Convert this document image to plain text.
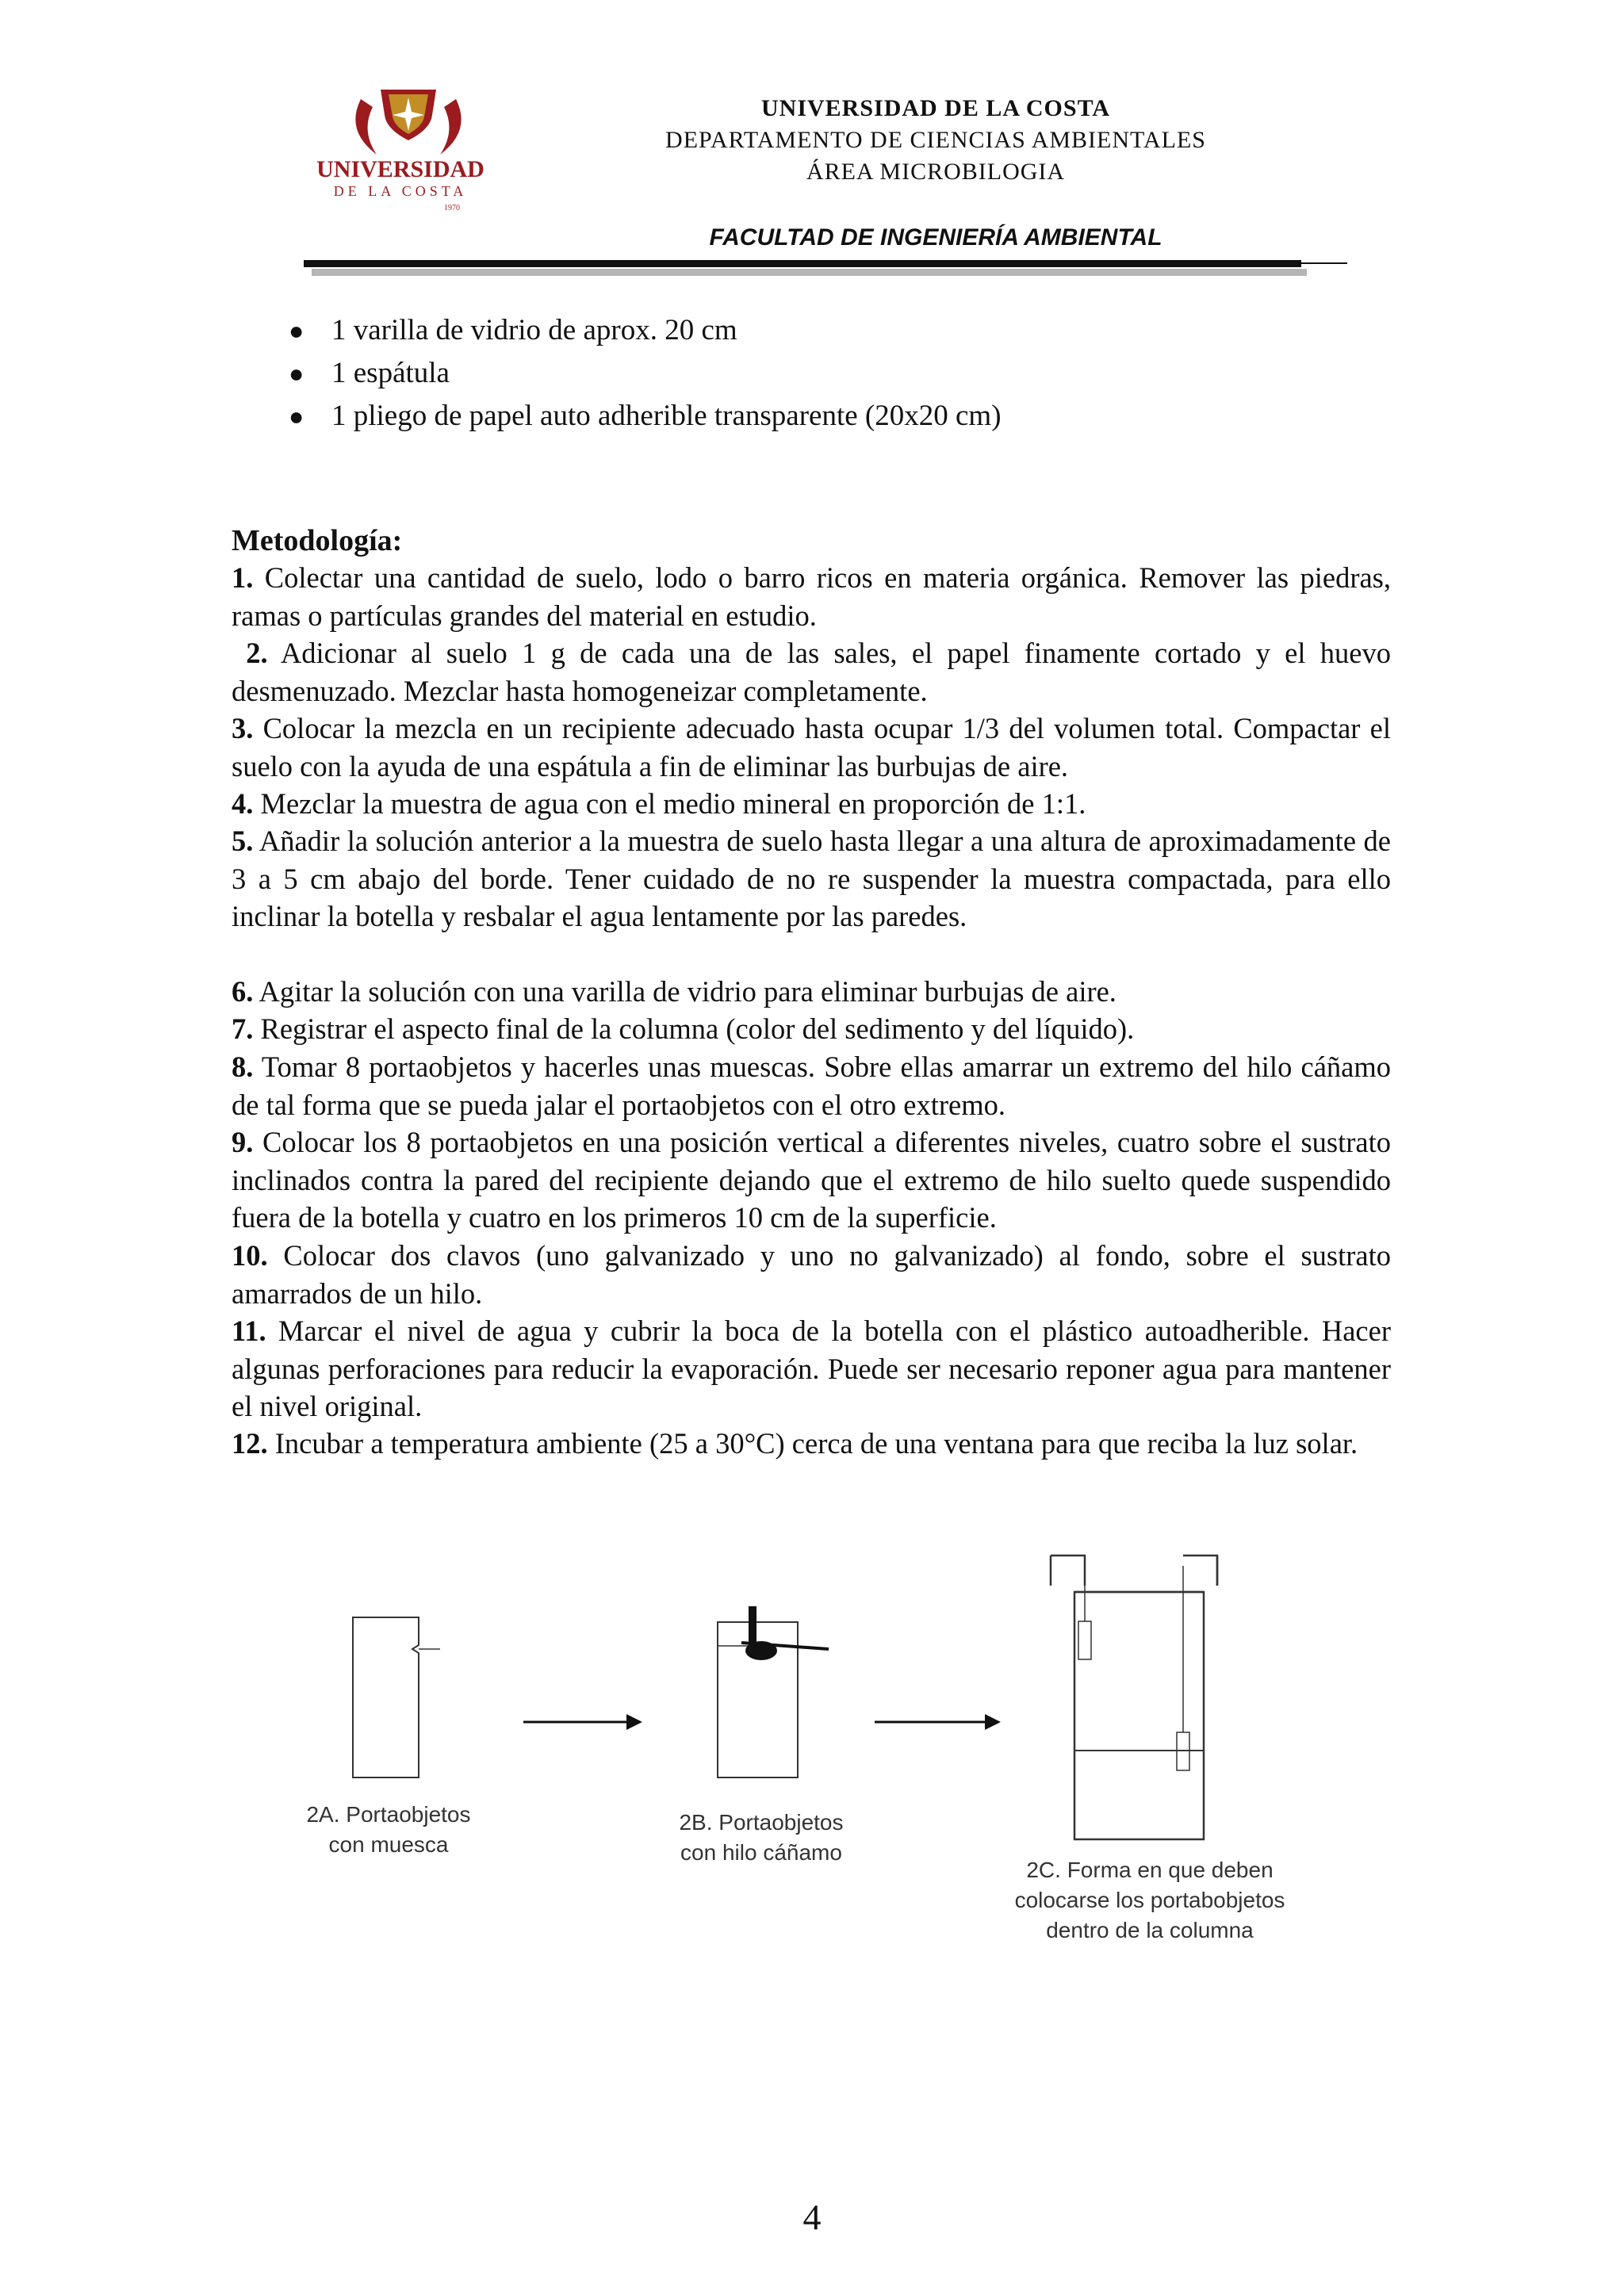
UNIVERSIDAD
DE LA COSTA
1970
UNIVERSIDAD DE LA COSTA
DEPARTAMENTO DE CIENCIAS AMBIENTALES
ÁREA MICROBILOGIA
FACULTAD DE INGENIERÍA AMBIENTAL
● 1 varilla de vidrio de aprox. 20 cm
● 1 espátula
● 1 pliego de papel auto adherible transparente (20x20 cm)
Metodología:
1. Colectar una cantidad de suelo, lodo o barro ricos en materia orgánica. Remover las piedras, ramas o partículas grandes del material en estudio.
2. Adicionar al suelo 1 g de cada una de las sales, el papel finamente cortado y el huevo desmenuzado. Mezclar hasta homogeneizar completamente.
3. Colocar la mezcla en un recipiente adecuado hasta ocupar 1/3 del volumen total. Compactar el suelo con la ayuda de una espátula a fin de eliminar las burbujas de aire.
4. Mezclar la muestra de agua con el medio mineral en proporción de 1:1.
5. Añadir la solución anterior a la muestra de suelo hasta llegar a una altura de aproximadamente de 3 a 5 cm abajo del borde. Tener cuidado de no re suspender la muestra compactada, para ello inclinar la botella y resbalar el agua lentamente por las paredes.
6. Agitar la solución con una varilla de vidrio para eliminar burbujas de aire.
7. Registrar el aspecto final de la columna (color del sedimento y del líquido).
8. Tomar 8 portaobjetos y hacerles unas muescas. Sobre ellas amarrar un extremo del hilo cáñamo de tal forma que se pueda jalar el portaobjetos con el otro extremo.
9. Colocar los 8 portaobjetos en una posición vertical a diferentes niveles, cuatro sobre el sustrato inclinados contra la pared del recipiente dejando que el extremo de hilo suelto quede suspendido fuera de la botella y cuatro en los primeros 10 cm de la superficie.
10. Colocar dos clavos (uno galvanizado y uno no galvanizado) al fondo, sobre el sustrato amarrados de un hilo.
11. Marcar el nivel de agua y cubrir la boca de la botella con el plástico autoadherible. Hacer algunas perforaciones para reducir la evaporación. Puede ser necesario reponer agua para mantener el nivel original.
12. Incubar a temperatura ambiente (25 a 30°C) cerca de una ventana para que reciba la luz solar.
2A. Portaobjetos
con muesca
2B. Portaobjetos
con hilo cáñamo
2C. Forma en que deben
colocarse los portabobjetos
dentro de la columna
4
